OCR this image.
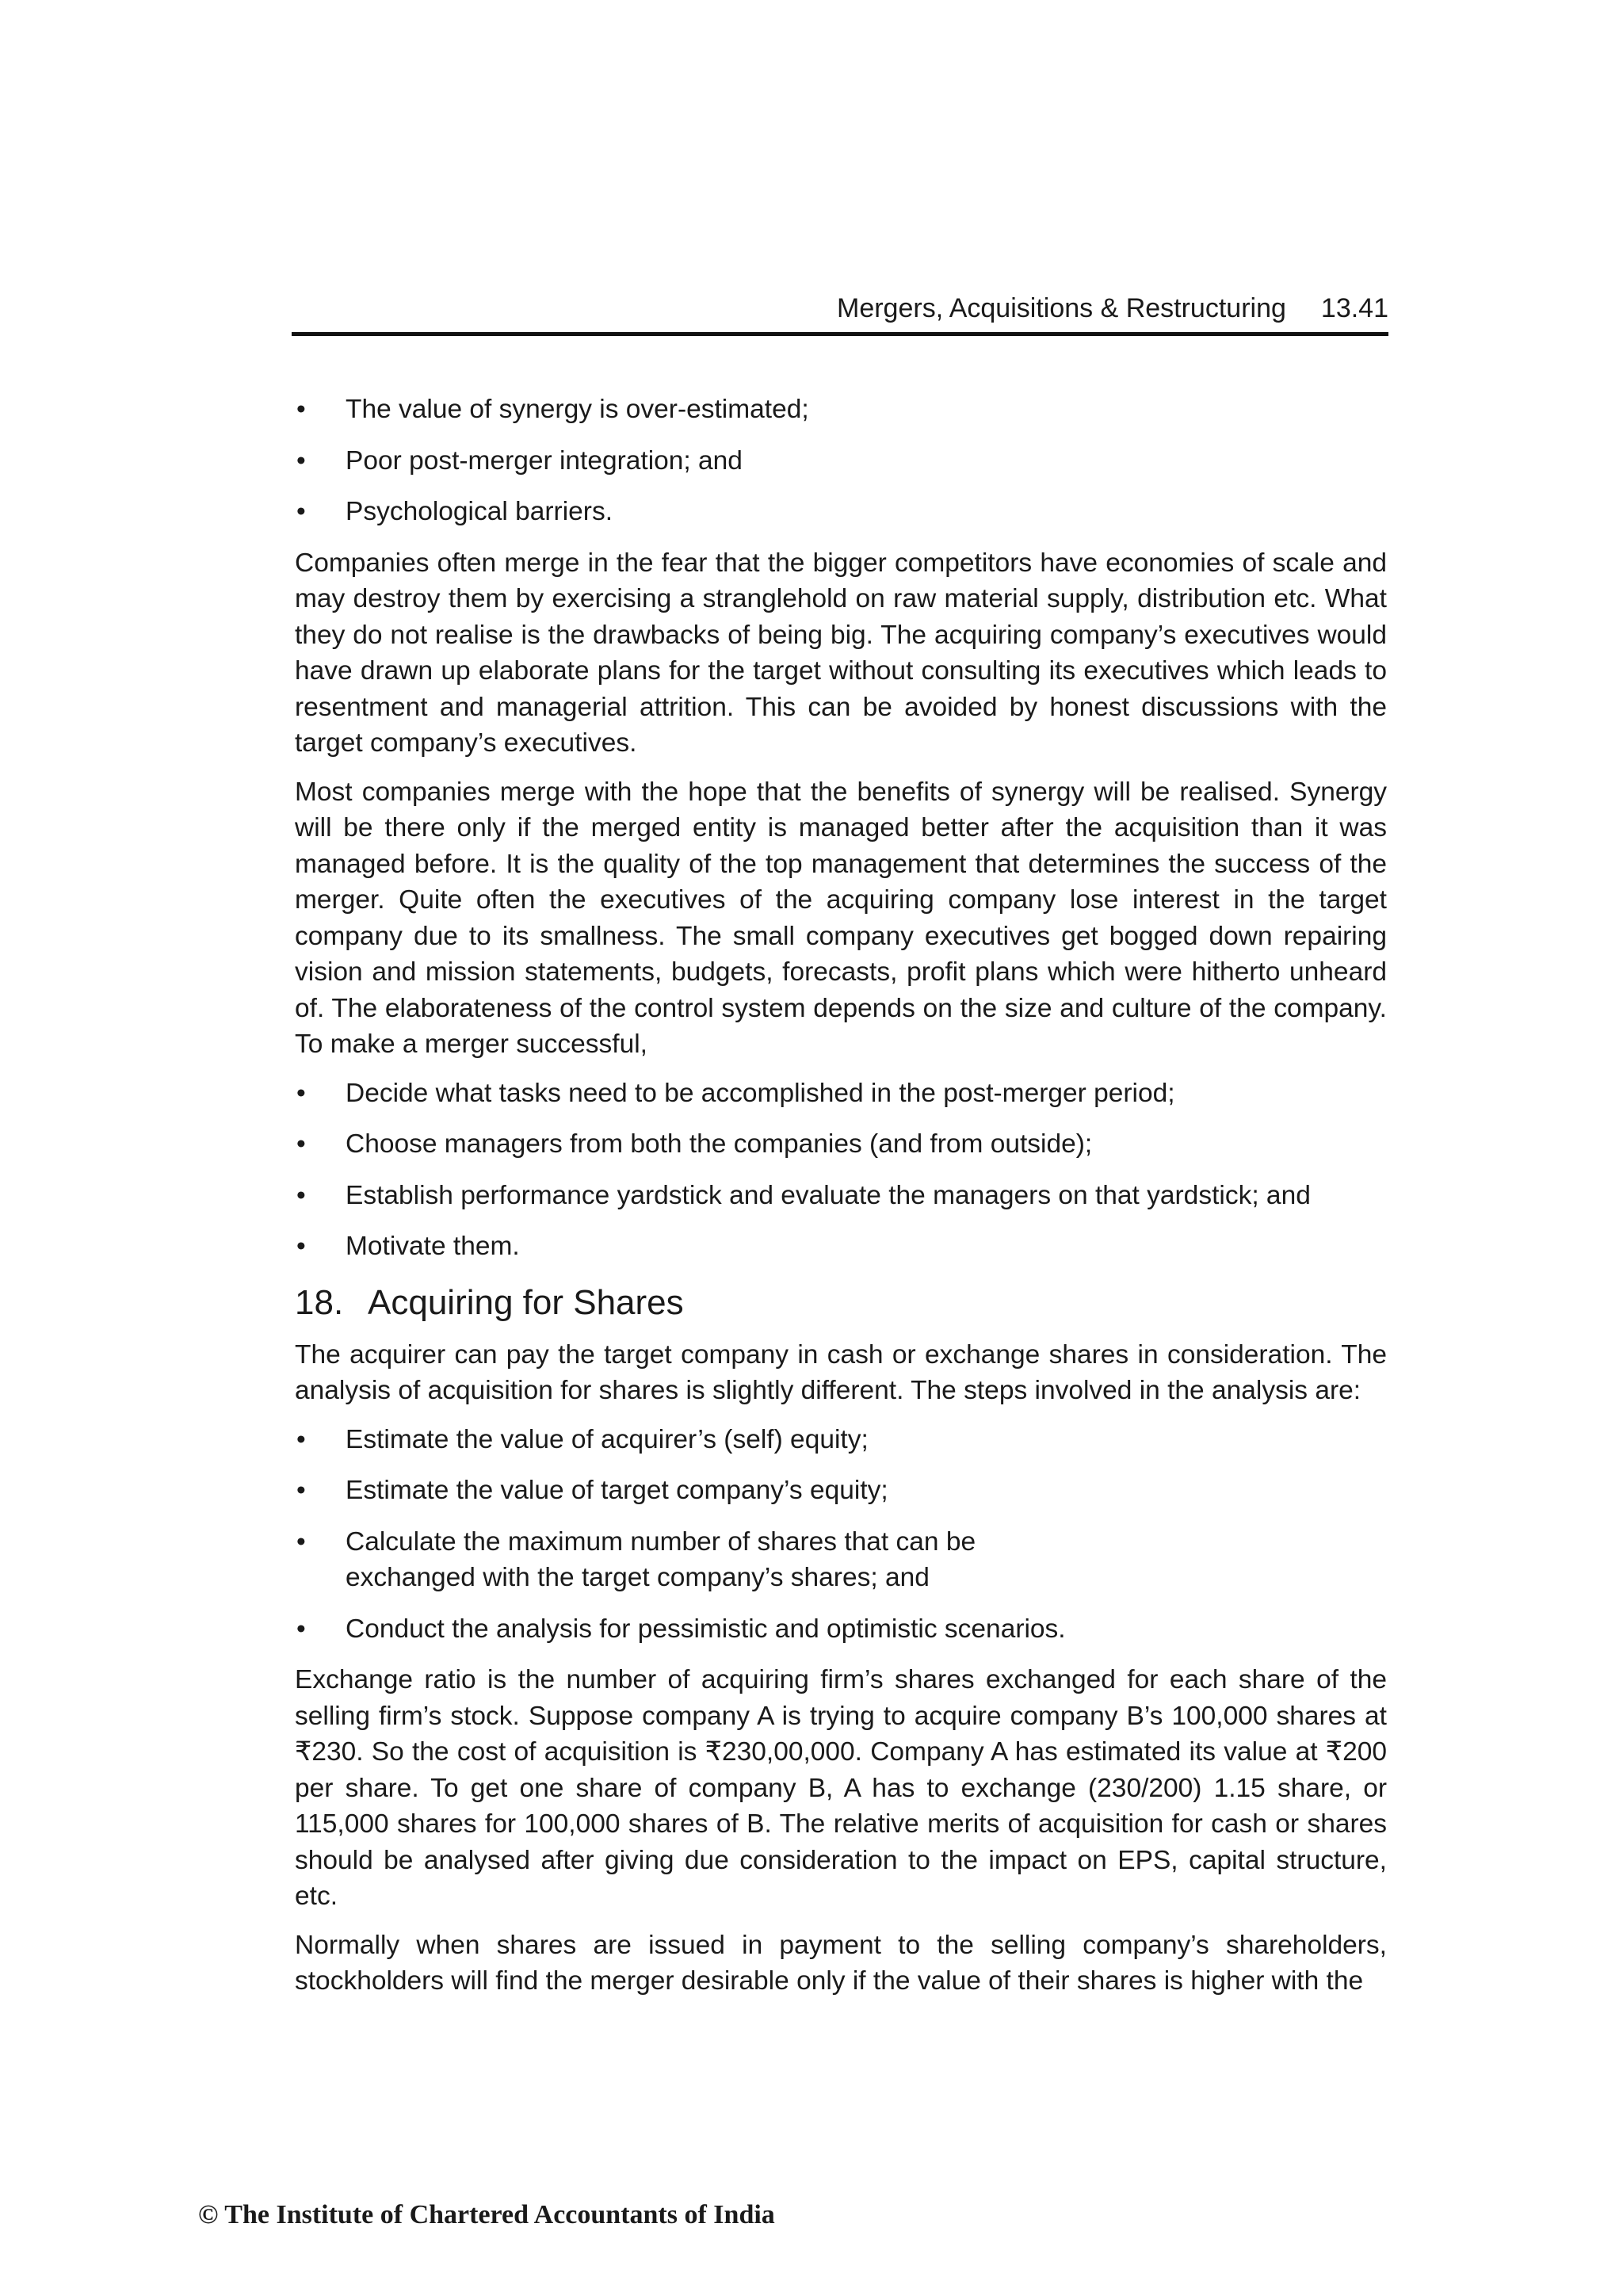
Mergers, Acquisitions & Restructuring 13.41
• The value of synergy is over-estimated;
• Poor post-merger integration; and
• Psychological barriers.

Companies often merge in the fear that the bigger competitors have economies of scale and may destroy them by exercising a stranglehold on raw material supply, distribution etc. What they do not realise is the drawbacks of being big. The acquiring company’s executives would have drawn up elaborate plans for the target without consulting its executives which leads to resentment and managerial attrition. This can be avoided by honest discussions with the target company’s executives.

Most companies merge with the hope that the benefits of synergy will be realised. Synergy will be there only if the merged entity is managed better after the acquisition than it was managed before. It is the quality of the top management that determines the success of the merger. Quite often the executives of the acquiring company lose interest in the target company due to its smallness. The small company executives get bogged down repairing vision and mission statements, budgets, forecasts, profit plans which were hitherto unheard of. The elaborateness of the control system depends on the size and culture of the company. To make a merger successful,

• Decide what tasks need to be accomplished in the post-merger period;
• Choose managers from both the companies (and from outside);
• Establish performance yardstick and evaluate the managers on that yardstick; and
• Motivate them.
18. Acquiring for Shares

The acquirer can pay the target company in cash or exchange shares in consideration. The analysis of acquisition for shares is slightly different. The steps involved in the analysis are:

• Estimate the value of acquirer’s (self) equity;
• Estimate the value of target company’s equity;
• Calculate the maximum number of shares that can be exchanged with the target company’s shares; and
• Conduct the analysis for pessimistic and optimistic scenarios.

Exchange ratio is the number of acquiring firm’s shares exchanged for each share of the selling firm’s stock. Suppose company A is trying to acquire company B’s 100,000 shares at ₹230. So the cost of acquisition is ₹230,00,000. Company A has estimated its value at ₹200 per share. To get one share of company B, A has to exchange (230/200) 1.15 share, or 115,000 shares for 100,000 shares of B. The relative merits of acquisition for cash or shares should be analysed after giving due consideration to the impact on EPS, capital structure, etc.

Normally when shares are issued in payment to the selling company’s shareholders, stockholders will find the merger desirable only if the value of their shares is higher with the

© The Institute of Chartered Accountants of India
